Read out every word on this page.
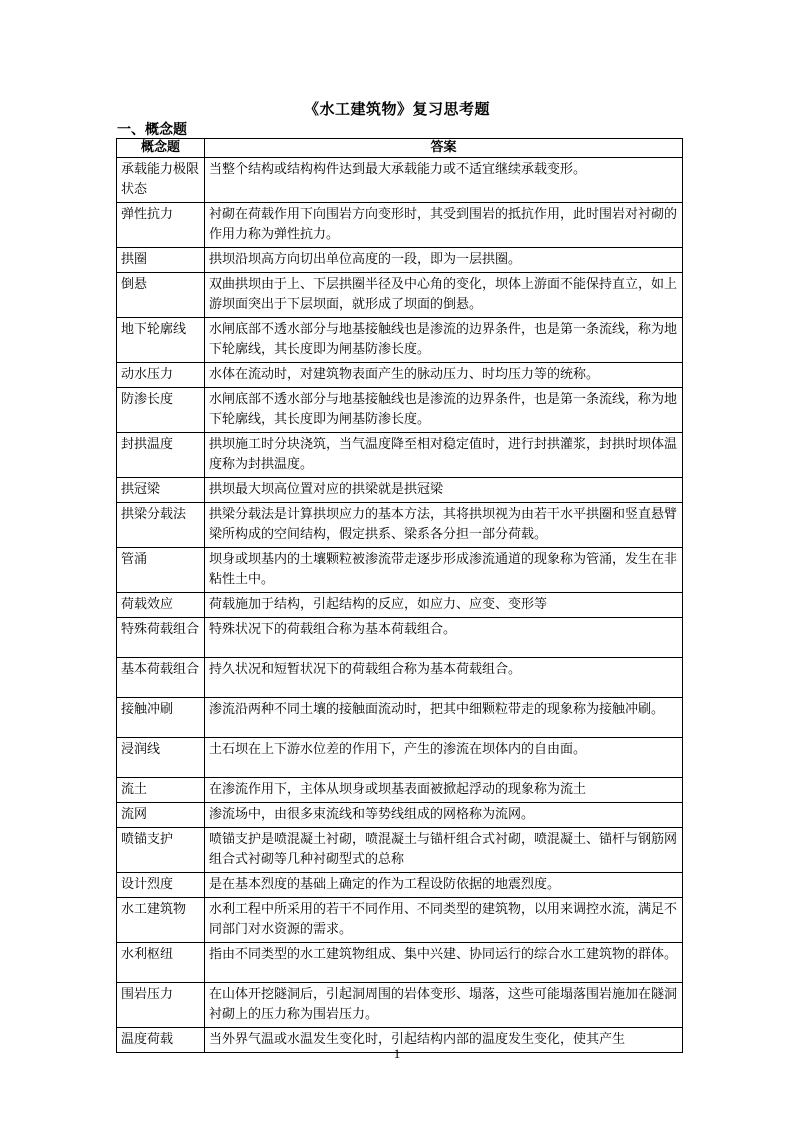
《水工建筑物》复习思考题
一、概念题
概念题	答案
承载能力极限状态	当整个结构或结构构件达到最大承载能力或不适宜继续承载变形。
弹性抗力	衬砌在荷载作用下向围岩方向变形时，其受到围岩的抵抗作用，此时围岩对衬砌的作用力称为弹性抗力。
拱圈	拱坝沿坝高方向切出单位高度的一段，即为一层拱圈。
倒悬	双曲拱坝由于上、下层拱圈半径及中心角的变化，坝体上游面不能保持直立，如上游坝面突出于下层坝面，就形成了坝面的倒悬。
地下轮廓线	水闸底部不透水部分与地基接触线也是渗流的边界条件，也是第一条流线，称为地下轮廓线，其长度即为闸基防渗长度。
动水压力	水体在流动时，对建筑物表面产生的脉动压力、时均压力等的统称。
防渗长度	水闸底部不透水部分与地基接触线也是渗流的边界条件，也是第一条流线，称为地下轮廓线，其长度即为闸基防渗长度。
封拱温度	拱坝施工时分块浇筑，当气温度降至相对稳定值时，进行封拱灌浆，封拱时坝体温度称为封拱温度。
拱冠梁	拱坝最大坝高位置对应的拱梁就是拱冠梁
拱梁分载法	拱梁分载法是计算拱坝应力的基本方法，其将拱坝视为由若干水平拱圈和竖直悬臂梁所构成的空间结构，假定拱系、梁系各分担一部分荷载。
管涌	坝身或坝基内的土壤颗粒被渗流带走逐步形成渗流通道的现象称为管涌，发生在非粘性土中。
荷载效应	荷载施加于结构，引起结构的反应，如应力、应变、变形等
特殊荷载组合	特殊状况下的荷载组合称为基本荷载组合。
基本荷载组合	持久状况和短暂状况下的荷载组合称为基本荷载组合。
接触冲刷	渗流沿两种不同土壤的接触面流动时，把其中细颗粒带走的现象称为接触冲刷。
浸润线	土石坝在上下游水位差的作用下，产生的渗流在坝体内的自由面。
流土	在渗流作用下，主体从坝身或坝基表面被掀起浮动的现象称为流土
流网	渗流场中，由很多束流线和等势线组成的网格称为流网。
喷锚支护	喷锚支护是喷混凝土衬砌，喷混凝土与锚杆组合式衬砌，喷混凝土、锚杆与钢筋网组合式衬砌等几种衬砌型式的总称
设计烈度	是在基本烈度的基础上确定的作为工程设防依据的地震烈度。
水工建筑物	水利工程中所采用的若干不同作用、不同类型的建筑物，以用来调控水流，满足不同部门对水资源的需求。
水利枢纽	指由不同类型的水工建筑物组成、集中兴建、协同运行的综合水工建筑物的群体。
围岩压力	在山体开挖隧洞后，引起洞周围的岩体变形、塌落，这些可能塌落围岩施加在隧洞衬砌上的压力称为围岩压力。
温度荷载	当外界气温或水温发生变化时，引起结构内部的温度发生变化，使其产生
1
